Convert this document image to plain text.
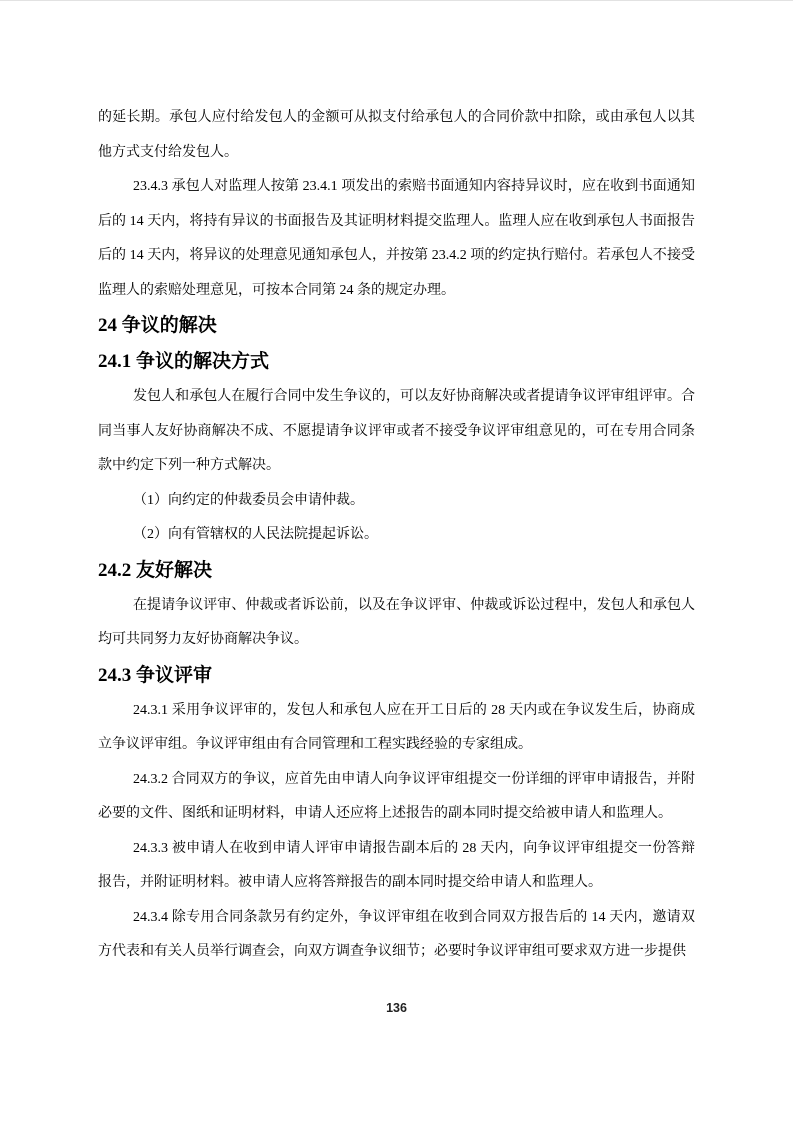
的延长期。承包人应付给发包人的金额可从拟支付给承包人的合同价款中扣除，或由承包人以其他方式支付给发包人。

23.4.3 承包人对监理人按第 23.4.1 项发出的索赔书面通知内容持异议时，应在收到书面通知后的 14 天内，将持有异议的书面报告及其证明材料提交监理人。监理人应在收到承包人书面报告后的 14 天内，将异议的处理意见通知承包人，并按第 23.4.2 项的约定执行赔付。若承包人不接受监理人的索赔处理意见，可按本合同第 24 条的规定办理。

24 争议的解决
24.1 争议的解决方式

发包人和承包人在履行合同中发生争议的，可以友好协商解决或者提请争议评审组评审。合同当事人友好协商解决不成、不愿提请争议评审或者不接受争议评审组意见的，可在专用合同条款中约定下列一种方式解决。

（1）向约定的仲裁委员会申请仲裁。

（2）向有管辖权的人民法院提起诉讼。

24.2 友好解决

在提请争议评审、仲裁或者诉讼前，以及在争议评审、仲裁或诉讼过程中，发包人和承包人均可共同努力友好协商解决争议。

24.3 争议评审

24.3.1 采用争议评审的，发包人和承包人应在开工日后的 28 天内或在争议发生后，协商成立争议评审组。争议评审组由有合同管理和工程实践经验的专家组成。

24.3.2 合同双方的争议，应首先由申请人向争议评审组提交一份详细的评审申请报告，并附必要的文件、图纸和证明材料，申请人还应将上述报告的副本同时提交给被申请人和监理人。

24.3.3 被申请人在收到申请人评审申请报告副本后的 28 天内，向争议评审组提交一份答辩报告，并附证明材料。被申请人应将答辩报告的副本同时提交给申请人和监理人。

24.3.4 除专用合同条款另有约定外，争议评审组在收到合同双方报告后的 14 天内，邀请双方代表和有关人员举行调查会，向双方调查争议细节；必要时争议评审组可要求双方进一步提供

136
